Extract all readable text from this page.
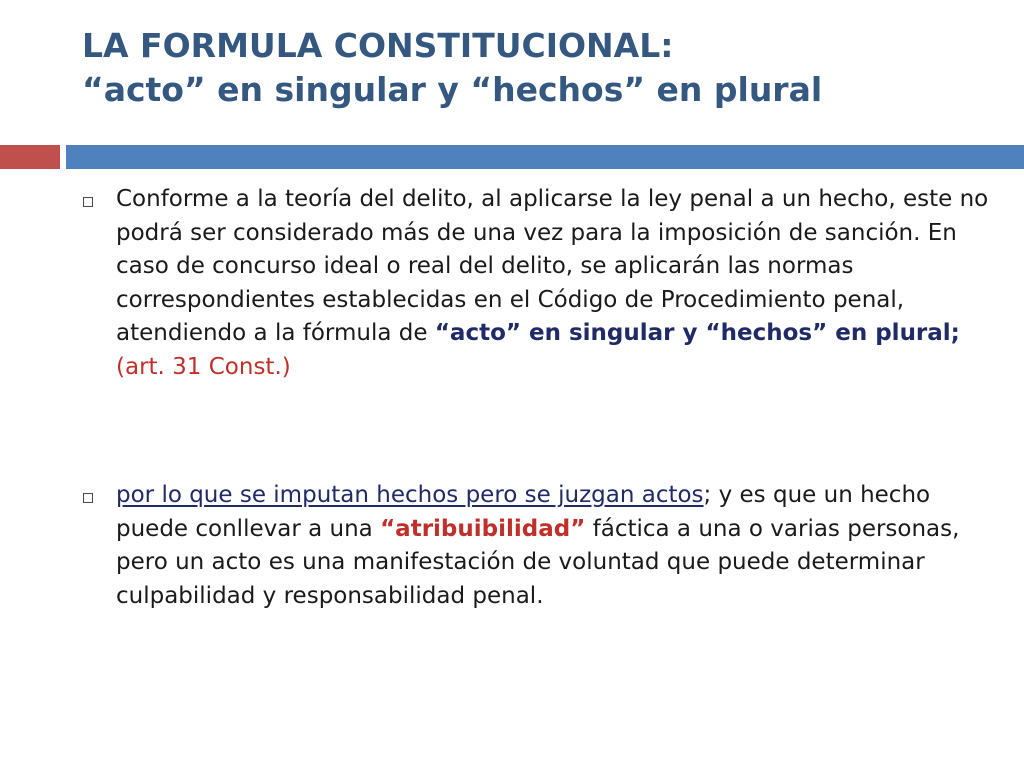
LA FORMULA CONSTITUCIONAL:
“acto” en singular y “hechos” en plural
Conforme a la teoría del delito, al aplicarse la ley penal a un hecho, este no podrá ser considerado más de una vez para la imposición de sanción. En caso de concurso ideal o real del delito, se aplicarán las normas correspondientes establecidas en el Código de Procedimiento penal, atendiendo a la fórmula de “acto” en singular y “hechos” en plural; (art. 31 Const.)
por lo que se imputan hechos pero se juzgan actos; y es que un hecho puede conllevar a una “atribuibilidad” fáctica a una o varias personas, pero un acto es una manifestación de voluntad que puede determinar culpabilidad y responsabilidad penal.
